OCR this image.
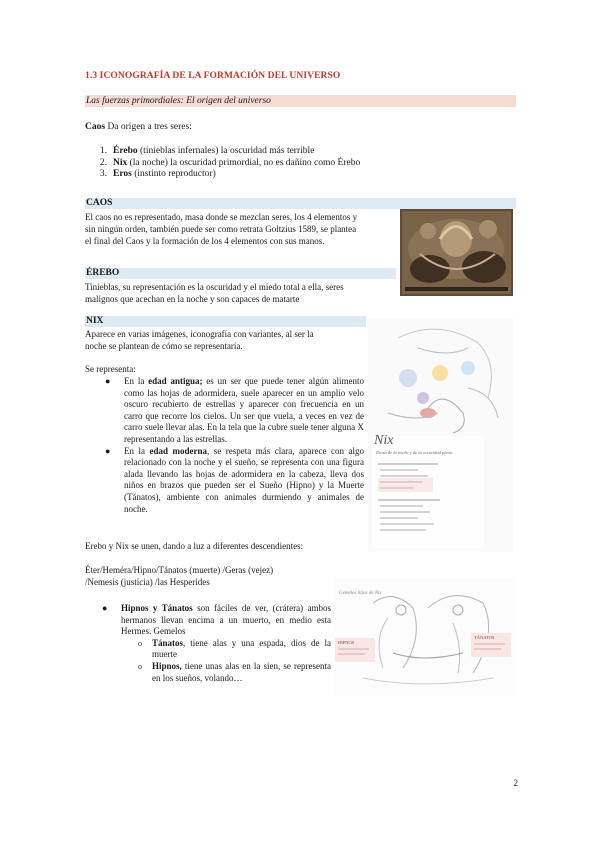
1.3 ICONOGRAFÍA DE LA FORMACIÓN DEL UNIVERSO
Las fuerzas primordiales: El origen del universo
Caos Da origen a tres seres:
1. Érebo (tinieblas infernales) la oscuridad más terrible
2. Nix (la noche) la oscuridad primordial, no es dañino como Érebo
3. Eros (instinto reproductor)
CAOS
El caos no es representado, masa donde se mezclan seres, los 4 elementos y
sin ningún orden, también puede ser como retrata Goltzius 1589, se plantea
el final del Caos y la formación de los 4 elementos con sus manos.
ÉREBO
Tinieblas, su representación es la oscuridad y el miedo total a ella, seres
malignos que acechan en la noche y son capaces de matarte
NIX
Aparece en varias imágenes, iconografía con variantes, al ser la
noche se plantean de cómo se representaría.
Se representa:
● En la edad antigua; es un ser que puede tener algún alimento como las hojas de adormidera, suele aparecer en un amplio velo oscuro recubierto de estrellas y aparecer con frecuencia en un carro que recorre los cielos. Un ser que vuela, a veces en vez de carro suele llevar alas. En la tela que la cubre suele tener alguna X representando a las estrellas.
● En la edad moderna, se respeta más clara, aparece con algo relacionado con la noche y el sueño, se representa con una figura alada llevando las hojas de adormidera en la cabeza, lleva dos niños en brazos que pueden ser el Sueño (Hipno) y la Muerte (Tánatos), ambiente con animales durmiendo y animales de noche.
Nix
Diosa de la noche y de la oscuridad plena
Erebo y Nix se unen, dando a luz a diferentes descendientes:
Éter/Heméra/Hipno/Tánatos (muerte) /Geras (vejez)
/Nemesis (justicia) /las Hesperides
● Hipnos y Tánatos son fáciles de ver, (crátera) ambos hermanos llevan encima a un muerto, en medio esta Hermes. Gemelos
o Tánatos, tiene alas y una espada, dios de la muerte
o Hipnos, tiene unas alas en la sien, se representa en los sueños, volando…
Gemelos hijos de Nix
HIPNOS
TÁNATOS
2
